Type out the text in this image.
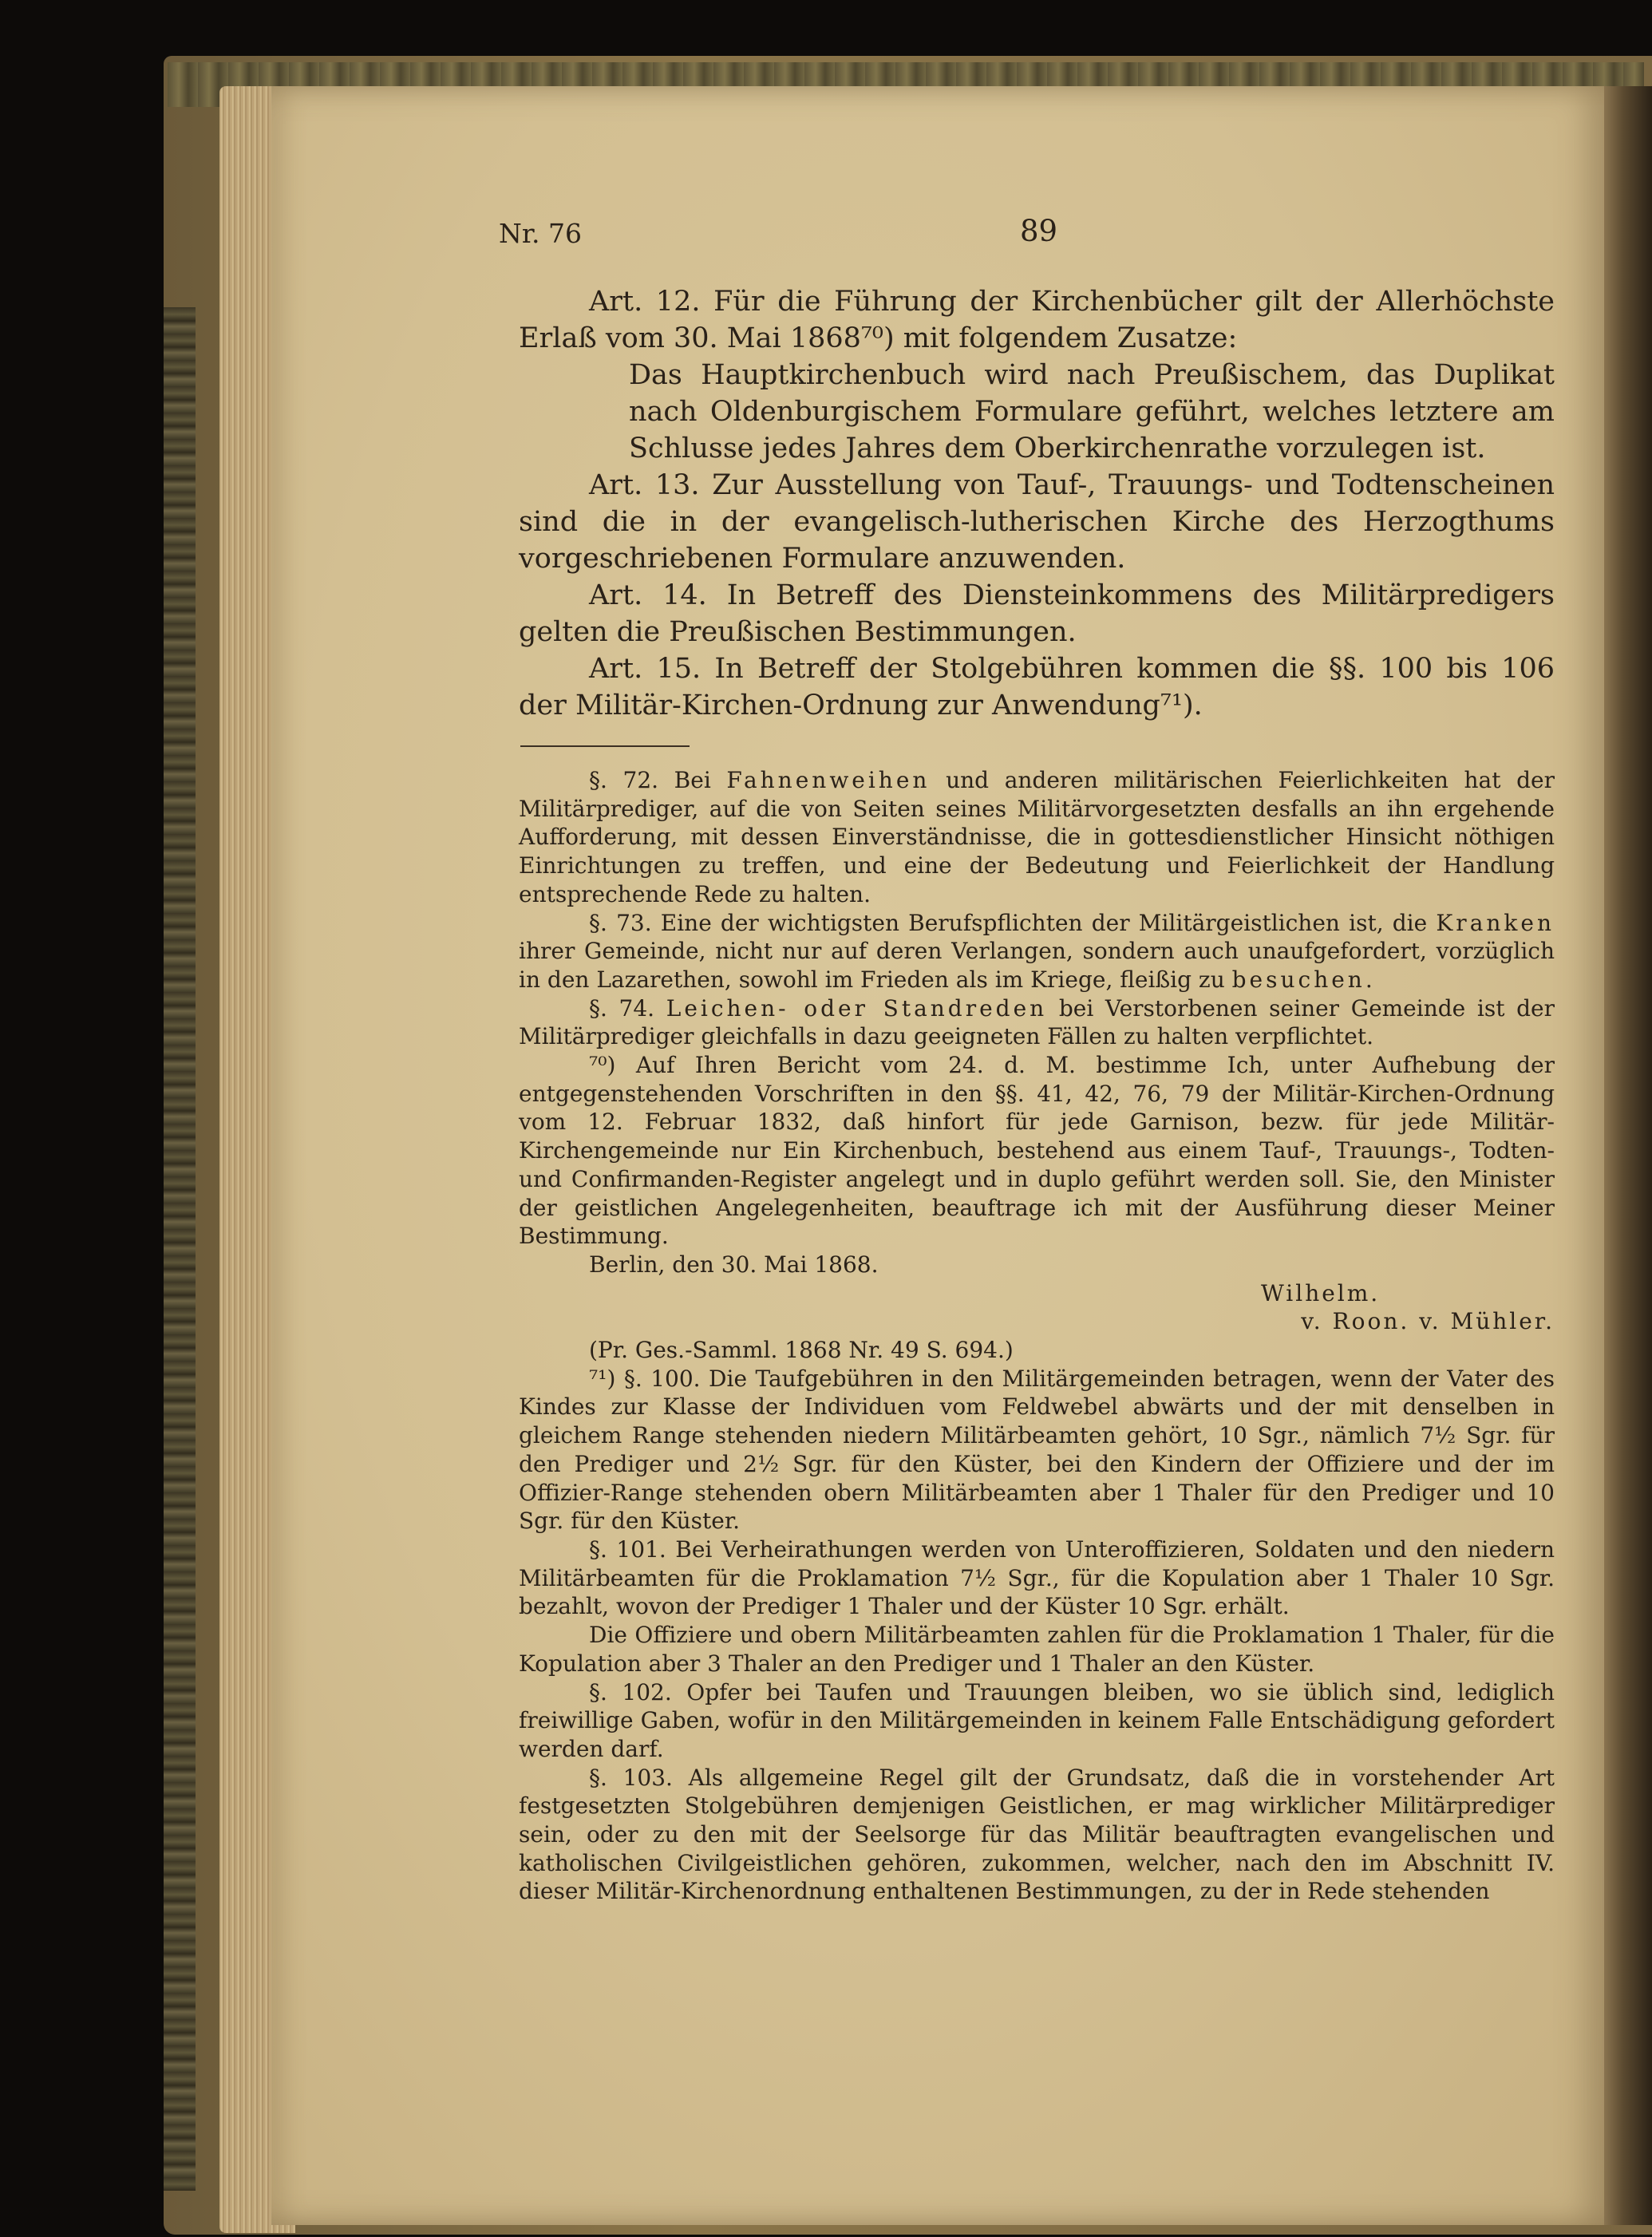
Nr. 76	89

Art. 12. Für die Führung der Kirchenbücher gilt der Allerhöchste Erlaß vom 30. Mai 1868⁷⁰) mit folgendem Zusatze:

Das Hauptkirchenbuch wird nach Preußischem, das Duplikat nach Oldenburgischem Formulare geführt, welches letztere am Schlusse jedes Jahres dem Oberkirchenrathe vorzulegen ist.

Art. 13. Zur Ausstellung von Tauf-, Trauungs- und Todtenscheinen sind die in der evangelisch-lutherischen Kirche des Herzogthums vorgeschriebenen Formulare anzuwenden.

Art. 14. In Betreff des Diensteinkommens des Militärpredigers gelten die Preußischen Bestimmungen.

Art. 15. In Betreff der Stolgebühren kommen die §§. 100 bis 106 der Militär-Kirchen-Ordnung zur Anwendung⁷¹).

§. 72. Bei Fahnenweihen und anderen militärischen Feierlichkeiten hat der Militärprediger, auf die von Seiten seines Militärvorgesetzten desfalls an ihn ergehende Aufforderung, mit dessen Einverständnisse, die in gottesdienstlicher Hinsicht nöthigen Einrichtungen zu treffen, und eine der Bedeutung und Feierlichkeit der Handlung entsprechende Rede zu halten.

§. 73. Eine der wichtigsten Berufspflichten der Militärgeistlichen ist, die Kranken ihrer Gemeinde, nicht nur auf deren Verlangen, sondern auch unaufgefordert, vorzüglich in den Lazarethen, sowohl im Frieden als im Kriege, fleißig zu besuchen.

§. 74. Leichen- oder Standreden bei Verstorbenen seiner Gemeinde ist der Militärprediger gleichfalls in dazu geeigneten Fällen zu halten verpflichtet.

⁷⁰) Auf Ihren Bericht vom 24. d. M. bestimme Ich, unter Aufhebung der entgegenstehenden Vorschriften in den §§. 41, 42, 76, 79 der Militär-Kirchen-Ordnung vom 12. Februar 1832, daß hinfort für jede Garnison, bezw. für jede Militär-Kirchengemeinde nur Ein Kirchenbuch, bestehend aus einem Tauf-, Trauungs-, Todten- und Confirmanden-Register angelegt und in duplo geführt werden soll. Sie, den Minister der geistlichen Angelegenheiten, beauftrage ich mit der Ausführung dieser Meiner Bestimmung.

Berlin, den 30. Mai 1868.

Wilhelm.

v. Roon. v. Mühler.

(Pr. Ges.-Samml. 1868 Nr. 49 S. 694.)

⁷¹) §. 100. Die Taufgebühren in den Militärgemeinden betragen, wenn der Vater des Kindes zur Klasse der Individuen vom Feldwebel abwärts und der mit denselben in gleichem Range stehenden niedern Militärbeamten gehört, 10 Sgr., nämlich 7½ Sgr. für den Prediger und 2½ Sgr. für den Küster, bei den Kindern der Offiziere und der im Offizier-Range stehenden obern Militärbeamten aber 1 Thaler für den Prediger und 10 Sgr. für den Küster.

§. 101. Bei Verheirathungen werden von Unteroffizieren, Soldaten und den niedern Militärbeamten für die Proklamation 7½ Sgr., für die Kopulation aber 1 Thaler 10 Sgr. bezahlt, wovon der Prediger 1 Thaler und der Küster 10 Sgr. erhält.

Die Offiziere und obern Militärbeamten zahlen für die Proklamation 1 Thaler, für die Kopulation aber 3 Thaler an den Prediger und 1 Thaler an den Küster.

§. 102. Opfer bei Taufen und Trauungen bleiben, wo sie üblich sind, lediglich freiwillige Gaben, wofür in den Militärgemeinden in keinem Falle Entschädigung gefordert werden darf.

§. 103. Als allgemeine Regel gilt der Grundsatz, daß die in vorstehender Art festgesetzten Stolgebühren demjenigen Geistlichen, er mag wirklicher Militärprediger sein, oder zu den mit der Seelsorge für das Militär beauftragten evangelischen und katholischen Civilgeistlichen gehören, zukommen, welcher, nach den im Abschnitt IV. dieser Militär-Kirchenordnung enthaltenen Bestimmungen, zu der in Rede stehenden
